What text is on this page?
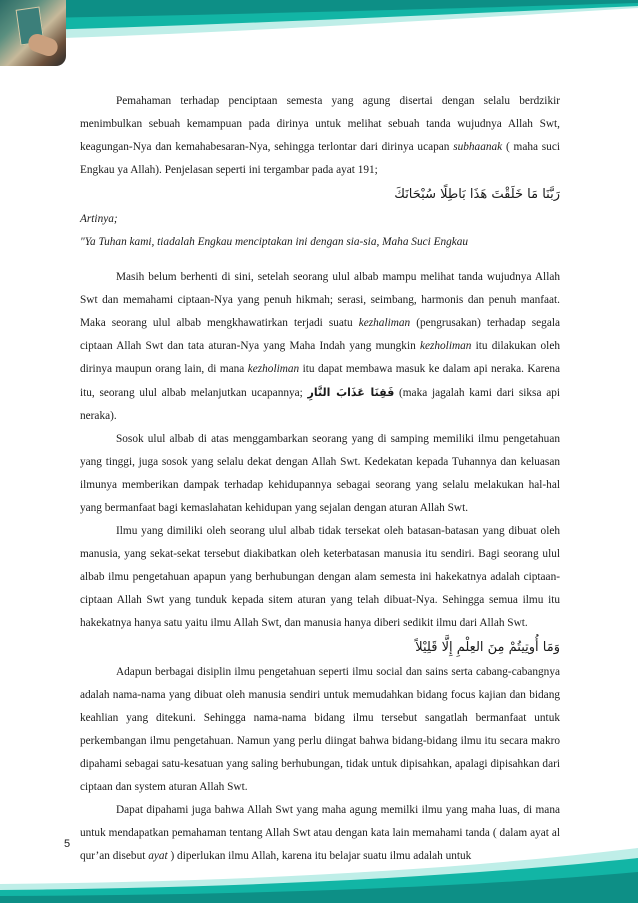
Pemahaman terhadap penciptaan semesta yang agung disertai dengan selalu berdzikir menimbulkan sebuah kemampuan pada dirinya untuk melihat sebuah tanda wujudnya Allah Swt, keagungan-Nya dan kemahabesaran-Nya, sehingga terlontar dari dirinya ucapan subhaanak ( maha suci Engkau ya Allah). Penjelasan seperti ini tergambar pada ayat 191;

رَبَّنَا مَا خَلَقْتَ هَذَا بَاطِلًا سُبْحَانَكَ

Artinya;

"Ya Tuhan kami, tiadalah Engkau menciptakan ini dengan sia-sia, Maha Suci Engkau

Masih belum berhenti di sini, setelah seorang ulul albab mampu melihat tanda wujudnya Allah Swt dan memahami ciptaan-Nya yang penuh hikmah; serasi, seimbang, harmonis dan penuh manfaat. Maka seorang ulul albab mengkhawatirkan terjadi suatu kezhaliman (pengrusakan) terhadap segala ciptaan Allah Swt dan tata aturan-Nya yang Maha Indah yang mungkin kezholiman itu dilakukan oleh dirinya maupun orang lain, di mana kezholiman itu dapat membawa masuk ke dalam api neraka. Karena itu, seorang ulul albab melanjutkan ucapannya; فَقِنَا عَذَابَ النَّارِ (maka jagalah kami dari siksa api neraka).

Sosok ulul albab di atas menggambarkan seorang yang di samping memiliki ilmu pengetahuan yang tinggi, juga sosok yang selalu dekat dengan Allah Swt. Kedekatan kepada Tuhannya dan keluasan ilmunya memberikan dampak terhadap kehidupannya sebagai seorang yang selalu melakukan hal-hal yang bermanfaat bagi kemaslahatan kehidupan yang sejalan dengan aturan Allah Swt.

Ilmu yang dimiliki oleh seorang ulul albab tidak tersekat oleh batasan-batasan yang dibuat oleh manusia, yang sekat-sekat tersebut diakibatkan oleh keterbatasan manusia itu sendiri. Bagi seorang ulul albab ilmu pengetahuan apapun yang berhubungan dengan alam semesta ini hakekatnya adalah ciptaan-ciptaan Allah Swt yang tunduk kepada sitem aturan yang telah dibuat-Nya. Sehingga semua ilmu itu hakekatnya hanya satu yaitu ilmu Allah Swt, dan manusia hanya diberi sedikit ilmu dari Allah Swt.

وَمَا أُوتِيتُمْ مِنَ العِلْمِ إِلَّا قَلِيْلاً

Adapun berbagai disiplin ilmu pengetahuan seperti ilmu social dan sains serta cabang-cabangnya adalah nama-nama yang dibuat oleh manusia sendiri untuk memudahkan bidang focus kajian dan bidang keahlian yang ditekuni. Sehingga nama-nama bidang ilmu tersebut sangatlah bermanfaat untuk perkembangan ilmu pengetahuan. Namun yang perlu diingat bahwa bidang-bidang ilmu itu secara makro dipahami sebagai satu-kesatuan yang saling berhubungan, tidak untuk dipisahkan, apalagi dipisahkan dari ciptaan dan system aturan Allah Swt.

Dapat dipahami juga bahwa Allah Swt yang maha agung memilki ilmu yang maha luas, di mana untuk mendapatkan pemahaman tentang Allah Swt atau dengan kata lain memahami tanda ( dalam ayat al qur’an disebut ayat ) diperlukan ilmu Allah, karena itu belajar suatu ilmu adalah untuk

5
